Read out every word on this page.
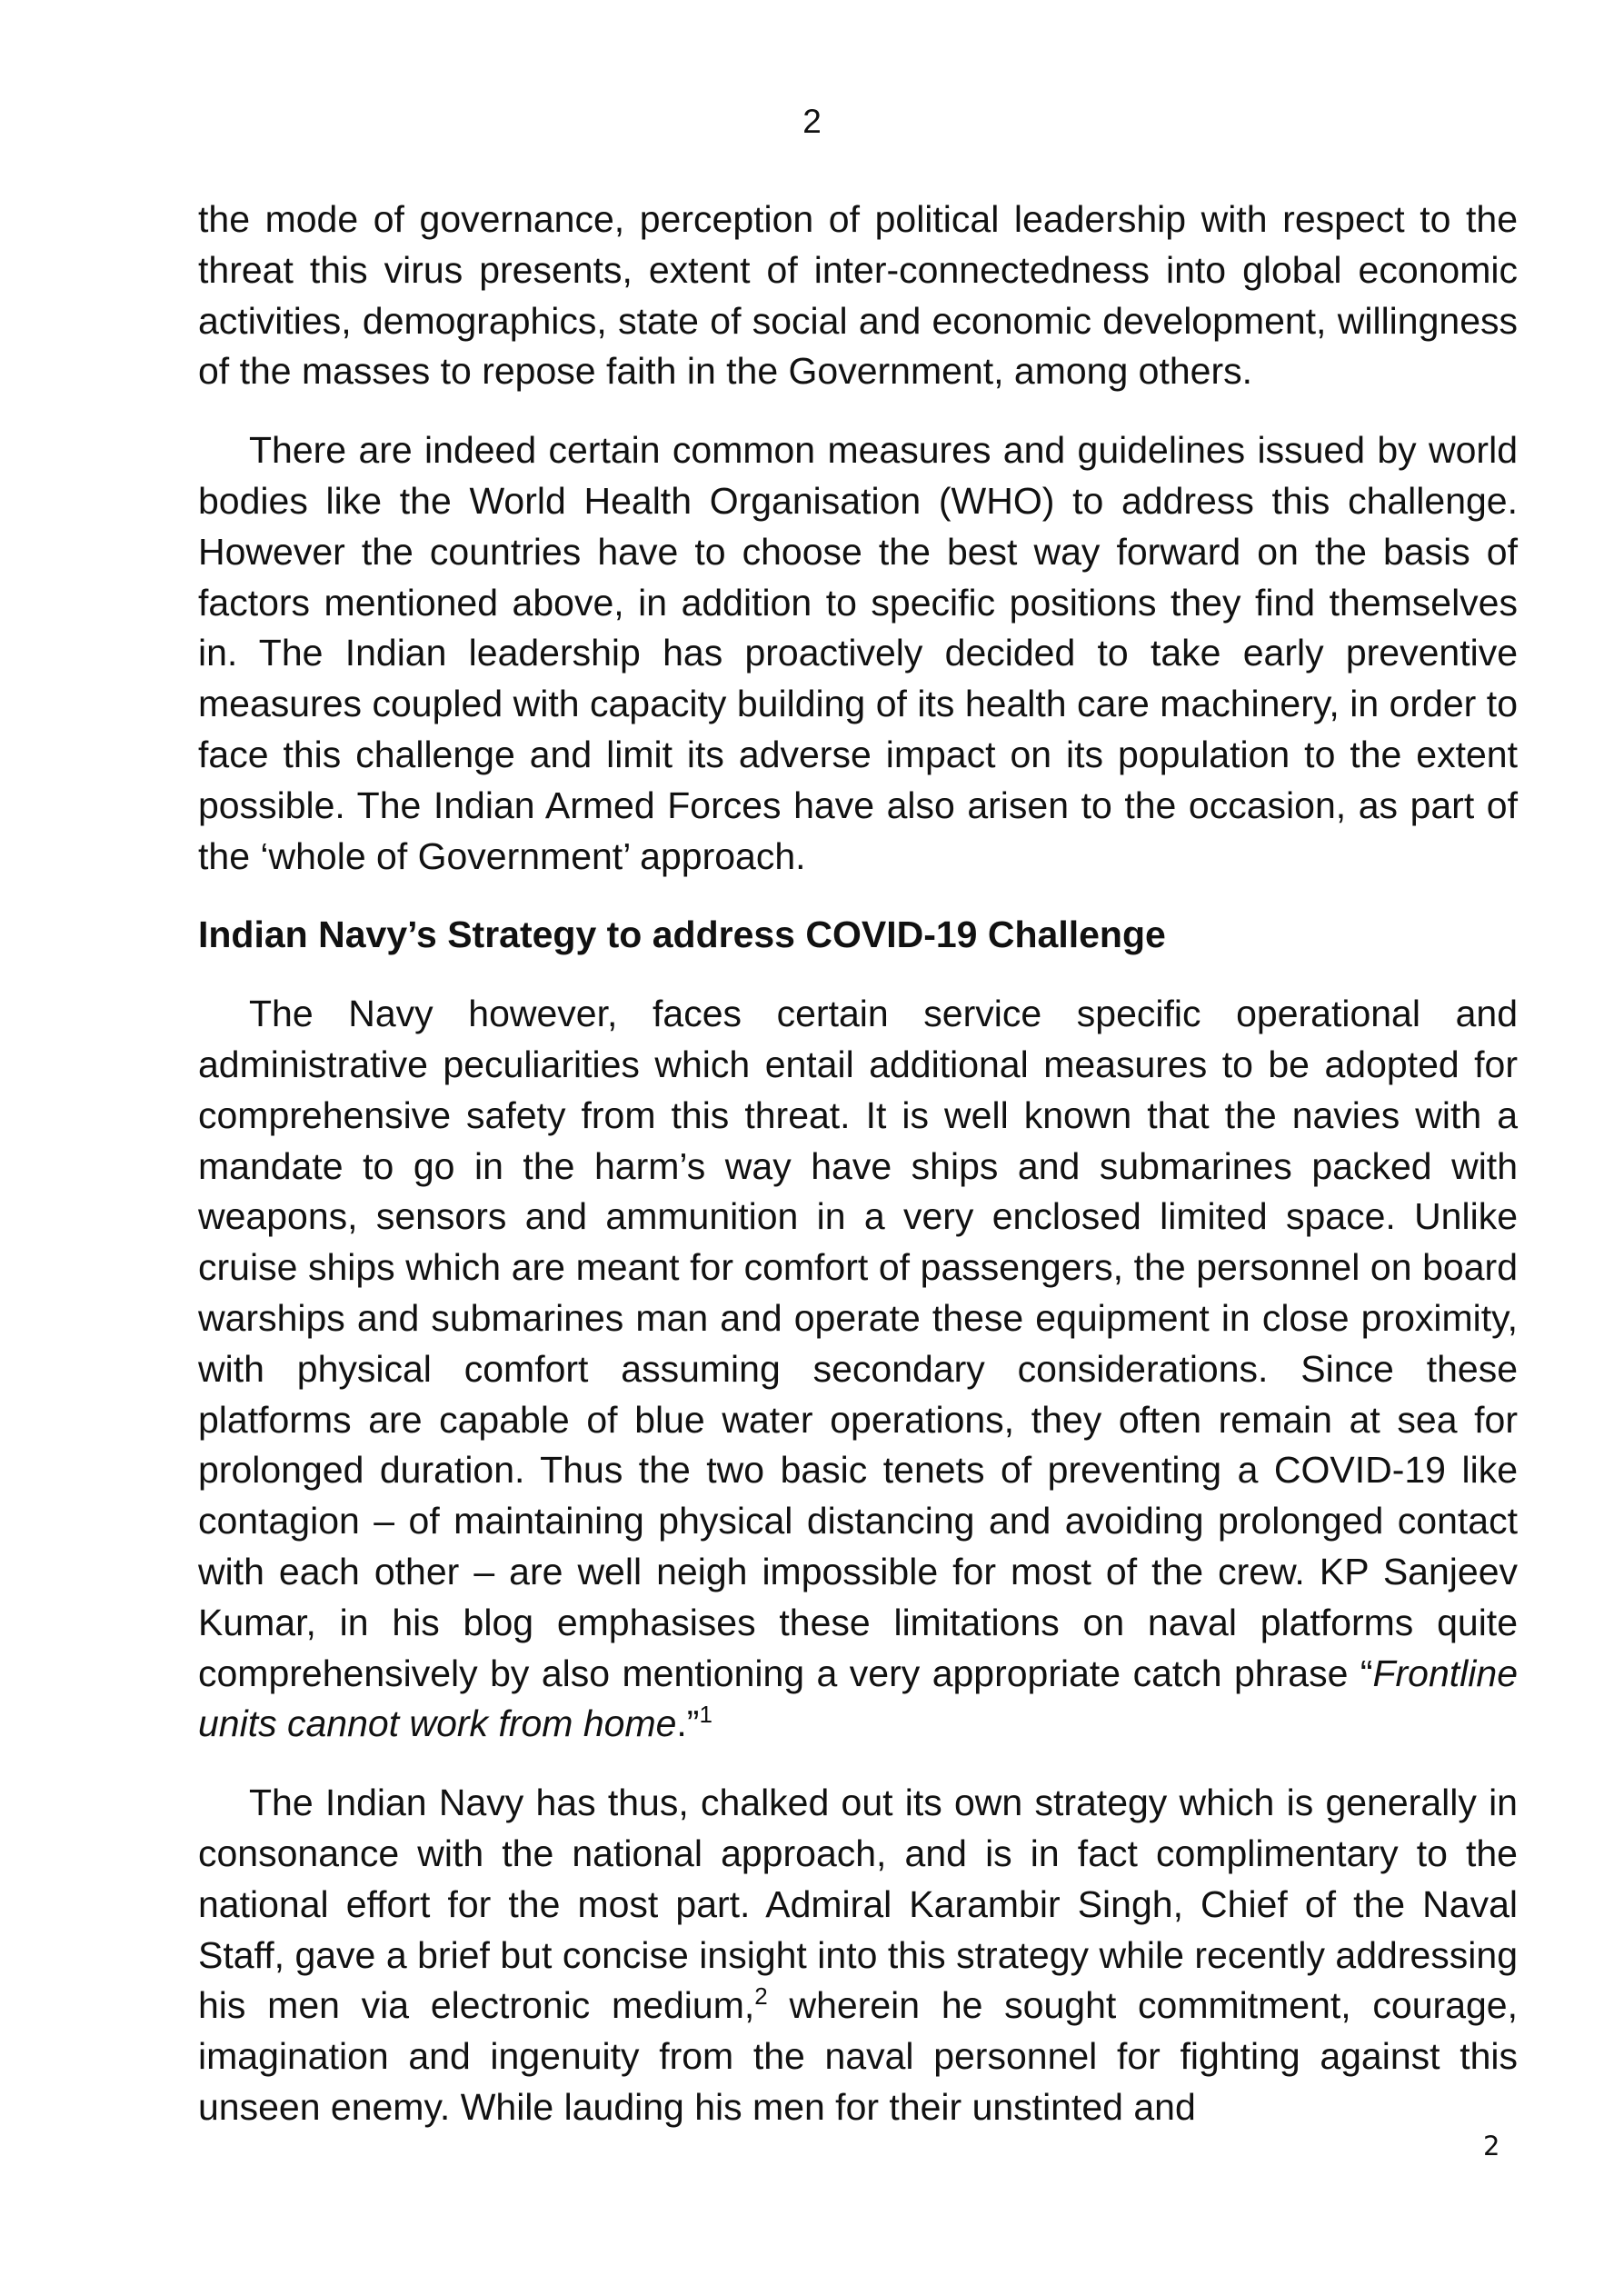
2

the mode of governance, perception of political leadership with respect to the threat this virus presents, extent of inter-connectedness into global economic activities, demographics, state of social and economic development, willingness of the masses to repose faith in the Government, among others.

There are indeed certain common measures and guidelines issued by world bodies like the World Health Organisation (WHO) to address this challenge. However the countries have to choose the best way forward on the basis of factors mentioned above, in addition to specific positions they find themselves in. The Indian leadership has proactively decided to take early preventive measures coupled with capacity building of its health care machinery, in order to face this challenge and limit its adverse impact on its population to the extent possible. The Indian Armed Forces have also arisen to the occasion, as part of the ‘whole of Government’ approach.

Indian Navy’s Strategy to address COVID-19 Challenge

The Navy however, faces certain service specific operational and administrative peculiarities which entail additional measures to be adopted for comprehensive safety from this threat. It is well known that the navies with a mandate to go in the harm’s way have ships and submarines packed with weapons, sensors and ammunition in a very enclosed limited space. Unlike cruise ships which are meant for comfort of passengers, the personnel on board warships and submarines man and operate these equipment in close proximity, with physical comfort assuming secondary considerations. Since these platforms are capable of blue water operations, they often remain at sea for prolonged duration. Thus the two basic tenets of preventing a COVID-19 like contagion – of maintaining physical distancing and avoiding prolonged contact with each other – are well neigh impossible for most of the crew. KP Sanjeev Kumar, in his blog emphasises these limitations on naval platforms quite comprehensively by also mentioning a very appropriate catch phrase “Frontline units cannot work from home.”$^1$

The Indian Navy has thus, chalked out its own strategy which is generally in consonance with the national approach, and is in fact complimentary to the national effort for the most part. Admiral Karambir Singh, Chief of the Naval Staff, gave a brief but concise insight into this strategy while recently addressing his men via electronic medium,$^2$ wherein he sought commitment, courage, imagination and ingenuity from the naval personnel for fighting against this unseen enemy. While lauding his men for their unstinted and

2
